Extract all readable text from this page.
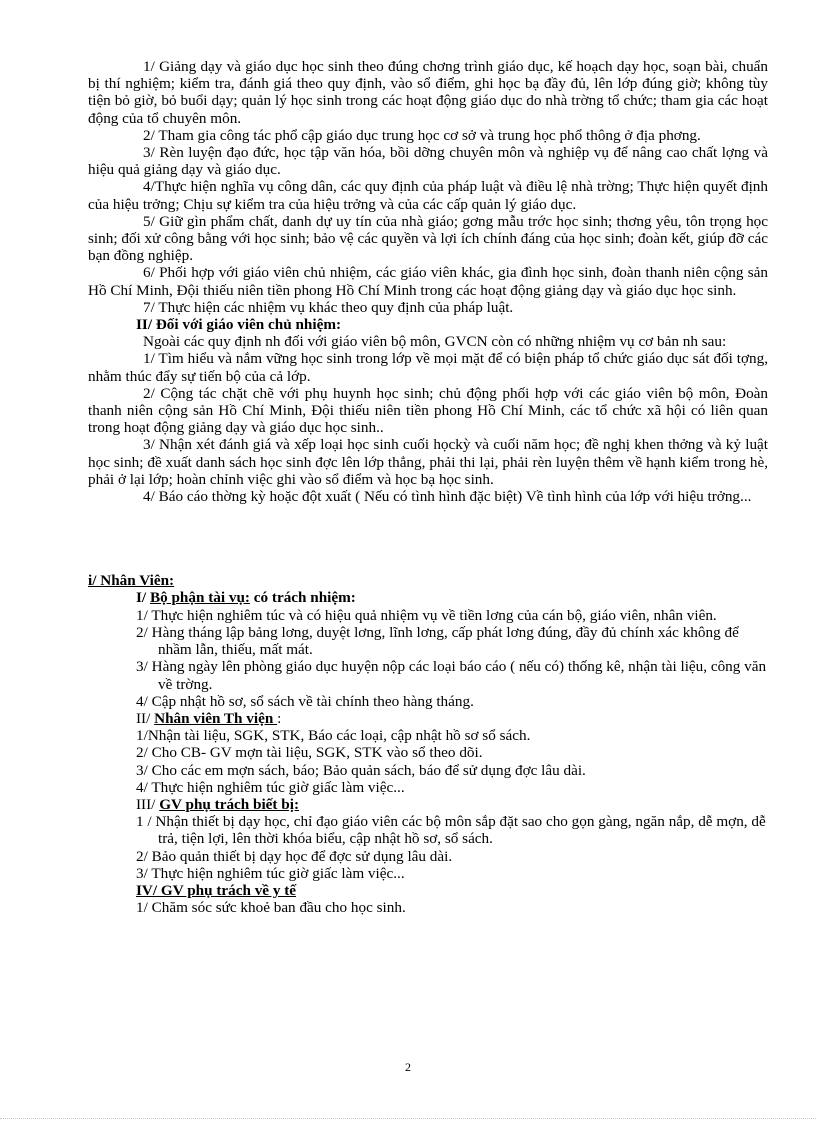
1/ Giảng dạy và giáo dục học sinh theo đúng chơng trình giáo dục, kế hoạch dạy học, soạn bài, chuẩn bị thí nghiệm; kiểm tra, đánh giá theo quy định, vào sổ điểm, ghi học bạ đầy đủ, lên lớp đúng giờ; không tùy tiện bỏ giờ, bỏ buổi dạy; quản lý học sinh trong các hoạt động giáo dục do nhà trờng tổ chức; tham gia các hoạt động của tổ chuyên môn.

2/ Tham gia công tác phổ cập giáo dục trung học cơ sở và trung học phổ thông ở địa phơng.

3/ Rèn luyện đạo đức, học tập văn hóa, bồi dỡng chuyên môn và nghiệp vụ để nâng cao chất lợng và hiệu quả giảng dạy và giáo dục.

4/Thực hiện nghĩa vụ công dân, các quy định của pháp luật và điều lệ nhà trờng; Thực hiện quyết định của hiệu trởng; Chịu sự kiểm tra của hiệu trởng và của các cấp quản lý giáo dục.

5/ Giữ gìn phẩm chất, danh dự uy tín của nhà giáo; gơng mẫu trớc học sinh; thơng yêu, tôn trọng học sinh; đối xử công bằng với học sinh; bảo vệ các quyền và lợi ích chính đáng của học sinh; đoàn kết, giúp đỡ các bạn đồng nghiệp.

6/ Phối hợp với giáo viên chủ nhiệm, các giáo viên khác, gia đình học sinh, đoàn thanh niên cộng sản Hồ Chí Minh, Đội thiếu niên tiền phong Hồ Chí Minh trong các hoạt động giảng dạy và giáo dục học sinh.

7/ Thực hiện các nhiệm vụ khác theo quy định của pháp luật.

II/ Đối với giáo viên chủ nhiệm:

Ngoài các quy định nh đối với giáo viên bộ môn, GVCN còn có những nhiệm vụ cơ bản nh sau:

1/ Tìm hiểu và nắm vững học sinh trong lớp về mọi mặt để có biện pháp tổ chức giáo dục sát đối tợng, nhằm thúc đẩy sự tiến bộ của cả lớp.

2/ Cộng tác chặt chẽ với phụ huynh học sinh; chủ động phối hợp với các giáo viên bộ môn, Đoàn thanh niên cộng sản Hồ Chí Minh, Đội thiếu niên tiền phong Hồ Chí Minh, các tổ chức xã hội có liên quan trong hoạt động giảng dạy và giáo dục học sinh..

3/ Nhận xét đánh giá và xếp loại học sinh cuối họckỳ và cuối năm học; đề nghị khen thởng và kỷ luật học sinh; đề xuất danh sách học sinh đợc lên lớp thẳng, phải thi lại, phải rèn luyện thêm về hạnh kiểm trong hè, phải ở lại lớp; hoàn chỉnh việc ghi vào sổ điểm và học bạ học sinh.

4/ Báo cáo thờng kỳ hoặc đột xuất ( Nếu có tình hình đặc biệt) Về tình hình của lớp với hiệu trởng...

i/ Nhân Viên:

I/ Bộ phận tài vụ: có trách nhiệm:

1/ Thực hiện nghiêm túc và có hiệu quả nhiệm vụ về tiền lơng của cán bộ, giáo viên, nhân viên.

2/ Hàng tháng lập bảng lơng, duyệt lơng, lĩnh lơng, cấp phát lơng đúng, đầy đủ chính xác không để nhầm lẫn, thiếu, mất mát.

3/ Hàng ngày lên phòng giáo dục huyện nộp các loại báo cáo ( nếu có) thống kê, nhận tài liệu, công văn về trờng.

4/ Cập nhật hồ sơ, sổ sách về tài chính theo hàng tháng.

II/ Nhân viên Th viện :

1/Nhận tài liệu, SGK, STK, Báo các loại, cập nhật hồ sơ sổ sách.

2/ Cho CB- GV mợn tài liệu, SGK, STK vào sổ theo dõi.

3/ Cho các em mợn sách, báo; Bảo quản sách, báo để sử dụng đợc lâu dài.

4/ Thực hiện nghiêm túc giờ giấc làm việc...

III/ GV phụ trách biết bị:

1 / Nhận thiết bị dạy học, chỉ đạo giáo viên các bộ môn sắp đặt sao cho gọn gàng, ngăn nắp, dễ mợn, dễ trả, tiện lợi, lên thời khóa biểu, cập nhật hồ sơ, sổ sách.

2/ Bảo quản thiết bị dạy học để đợc sử dụng lâu dài.

3/ Thực hiện nghiêm túc giờ giấc làm việc...

IV/ GV phụ trách về y tế

1/ Chăm sóc sức khoẻ ban đầu cho học sinh.

2
